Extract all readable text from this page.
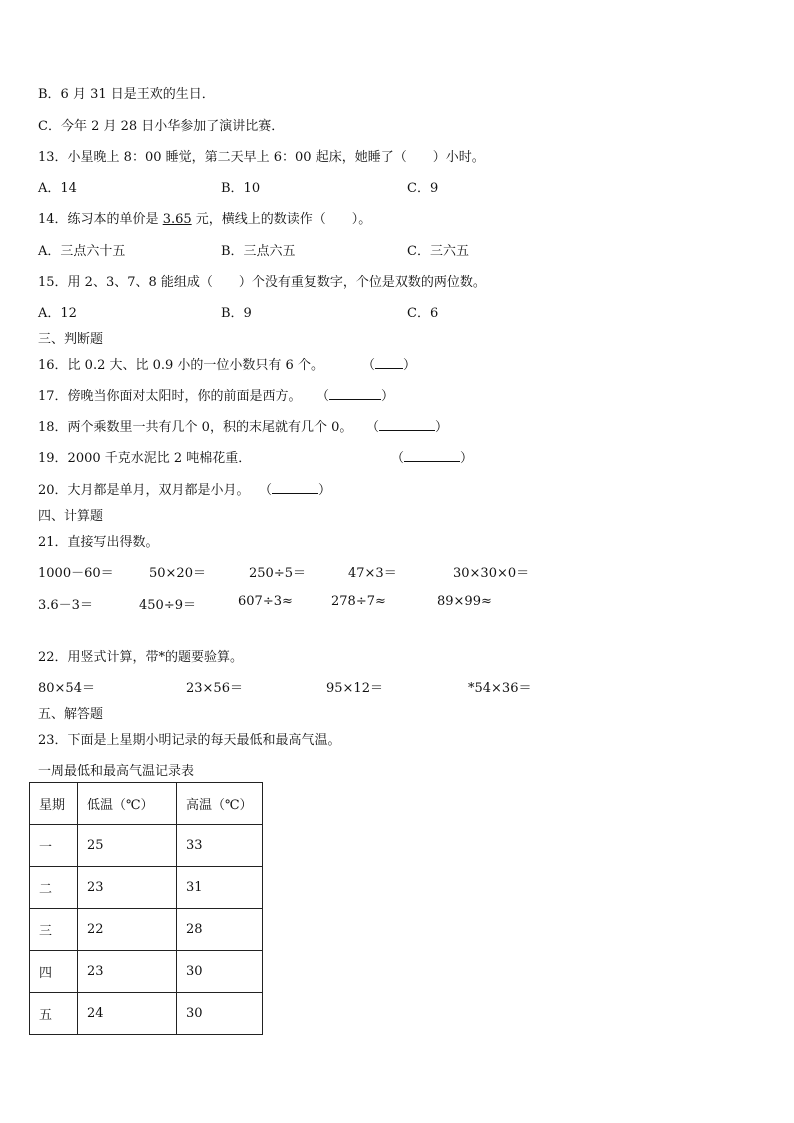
B．6 月 31 日是王欢的生日．
C．今年 2 月 28 日小华参加了演讲比赛．
13．小星晚上 8：00 睡觉，第二天早上 6：00 起床，她睡了（　　）小时。
A．14	B．10	C．9
14．练习本的单价是 3.65 元，横线上的数读作（　　）。
A．三点六十五	B．三点六五	C．三六五
15．用 2、3、7、8 能组成（　　）个没有重复数字，个位是双数的两位数。
A．12	B．9	C．6
三、判断题
16．比 0.2 大、比 0.9 小的一位小数只有 6 个。	（ ）
17．傍晚当你面对太阳时，你的前面是西方。 （	）
18．两个乘数里一共有几个 0，积的末尾就有几个 0。 （	）
19．2000 千克水泥比 2 吨棉花重．	（	）
20．大月都是单月，双月都是小月。 （	）
四、计算题
21．直接写出得数。
1000－60＝	50×20＝	250÷5＝	47×3＝	30×30×0＝
3.6－3＝	450÷9＝	607÷3≈	278÷7≈	89×99≈
22．用竖式计算，带*的题要验算。
80×54＝	23×56＝	95×12＝	*54×36＝
五、解答题
23．下面是上星期小明记录的每天最低和最高气温。
一周最低和最高气温记录表
星期	低温（℃）	高温（℃）
一	25	33
二	23	31
三	22	28
四	23	30
五	24	30
